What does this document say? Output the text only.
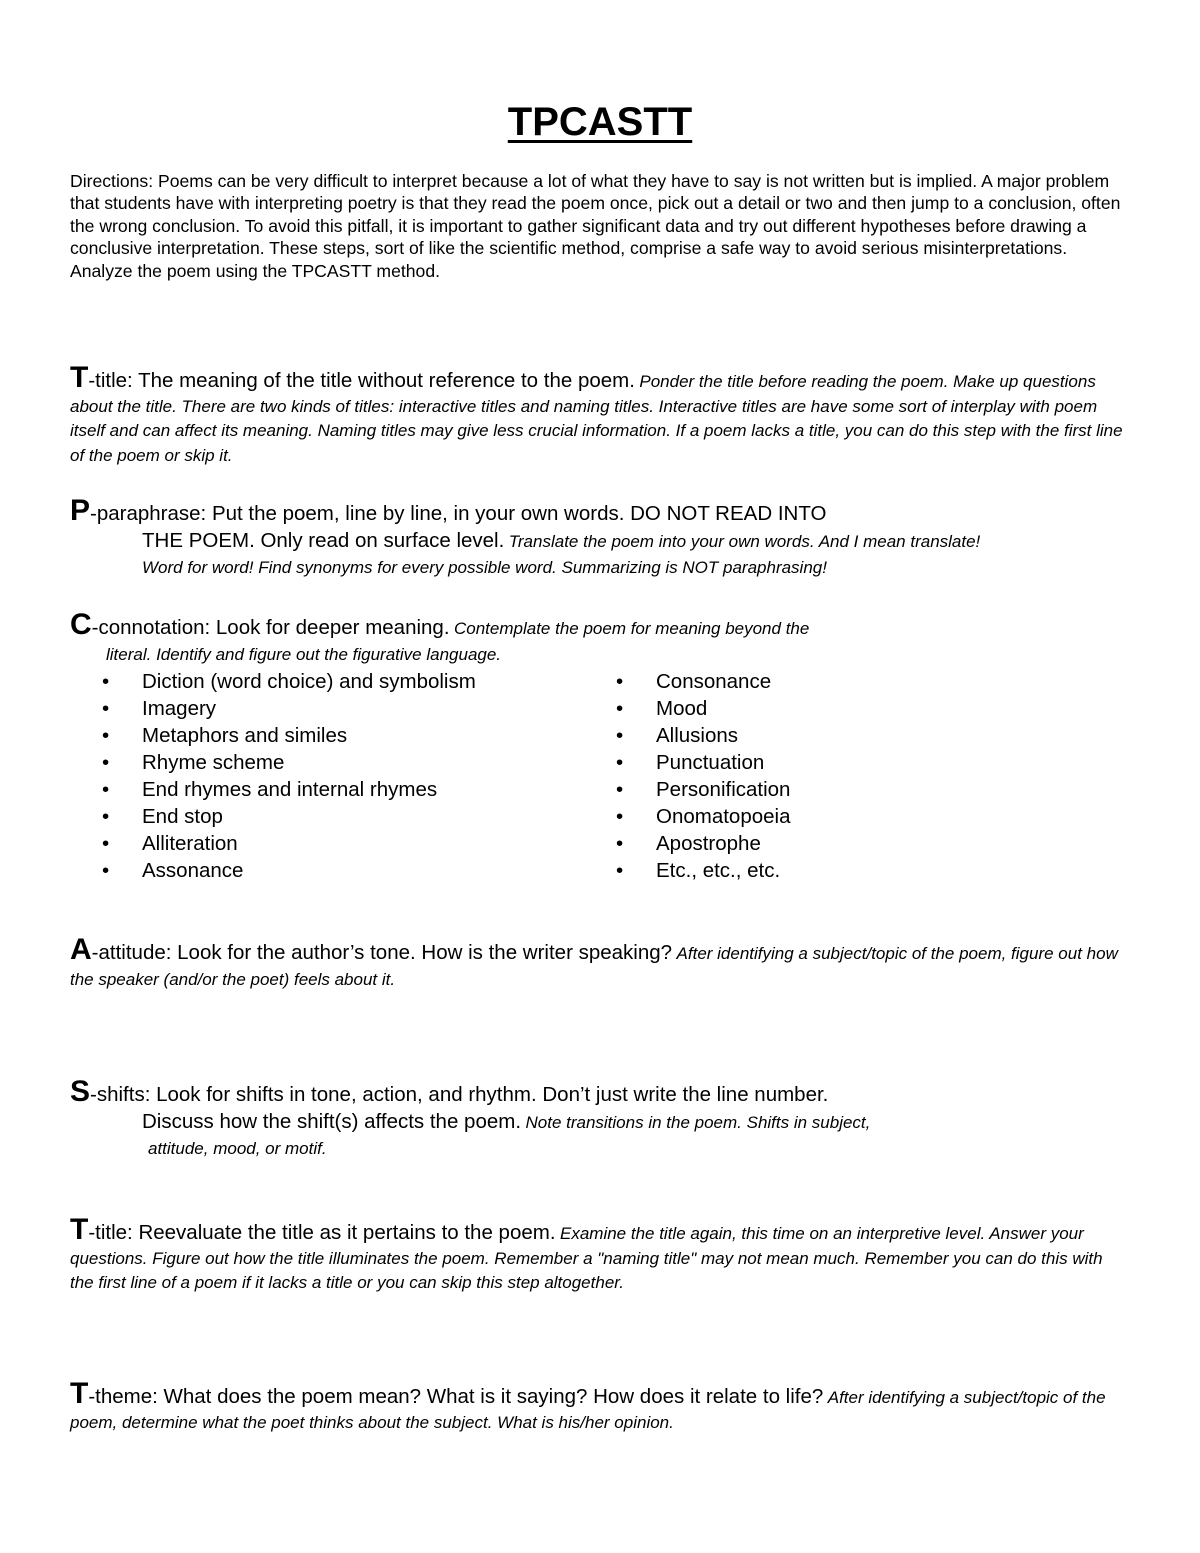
TPCASTT

Directions: Poems can be very difficult to interpret because a lot of what they have to say is not written but is implied. A major problem that students have with interpreting poetry is that they read the poem once, pick out a detail or two and then jump to a conclusion, often the wrong conclusion. To avoid this pitfall, it is important to gather significant data and try out different hypotheses before drawing a conclusive interpretation. These steps, sort of like the scientific method, comprise a safe way to avoid serious misinterpretations. Analyze the poem using the TPCASTT method.

T-title: The meaning of the title without reference to the poem. Ponder the title before reading the poem. Make up questions about the title. There are two kinds of titles: interactive titles and naming titles. Interactive titles are have some sort of interplay with poem itself and can affect its meaning. Naming titles may give less crucial information. If a poem lacks a title, you can do this step with the first line of the poem or skip it.

P-paraphrase: Put the poem, line by line, in your own words. DO NOT READ INTO
THE POEM. Only read on surface level. Translate the poem into your own words. And I mean translate!
Word for word! Find synonyms for every possible word. Summarizing is NOT paraphrasing!

C-connotation: Look for deeper meaning. Contemplate the poem for meaning beyond the
literal. Identify and figure out the figurative language.

• Diction (word choice) and symbolism
• Imagery
• Metaphors and similes
• Rhyme scheme
• End rhymes and internal rhymes
• End stop
• Alliteration
• Assonance
• Consonance
• Mood
• Allusions
• Punctuation
• Personification
• Onomatopoeia
• Apostrophe
• Etc., etc., etc.

A-attitude: Look for the author’s tone. How is the writer speaking? After identifying a subject/topic of the poem, figure out how the speaker (and/or the poet) feels about it.

S-shifts: Look for shifts in tone, action, and rhythm. Don’t just write the line number.
Discuss how the shift(s) affects the poem. Note transitions in the poem. Shifts in subject,
attitude, mood, or motif.

T-title: Reevaluate the title as it pertains to the poem. Examine the title again, this time on an interpretive level. Answer your questions. Figure out how the title illuminates the poem. Remember a "naming title" may not mean much. Remember you can do this with the first line of a poem if it lacks a title or you can skip this step altogether.

T-theme: What does the poem mean? What is it saying? How does it relate to life? After identifying a subject/topic of the poem, determine what the poet thinks about the subject. What is his/her opinion.
